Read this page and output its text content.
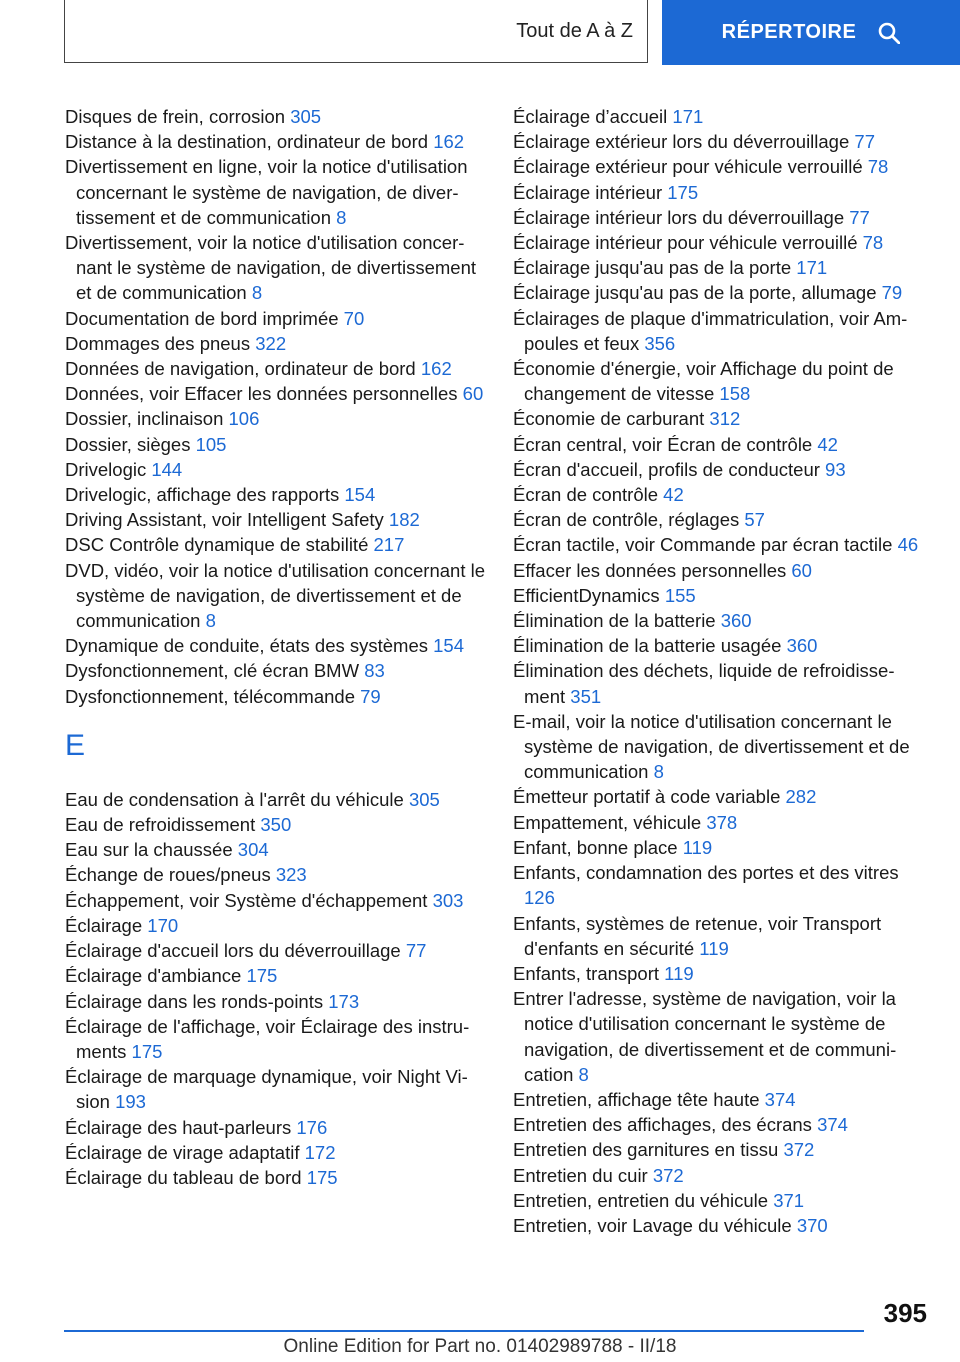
Tout de A à Z	RÉPERTOIRE
Disques de frein, corrosion 305
Distance à la destination, ordinateur de bord 162
Divertissement en ligne, voir la notice d'utilisation concernant le système de navigation, de divertissement et de communication 8
Divertissement, voir la notice d'utilisation concernant le système de navigation, de divertissement et de communication 8
Documentation de bord imprimée 70
Dommages des pneus 322
Données de navigation, ordinateur de bord 162
Données, voir Effacer les données personnelles 60
Dossier, inclinaison 106
Dossier, sièges 105
Drivelogic 144
Drivelogic, affichage des rapports 154
Driving Assistant, voir Intelligent Safety 182
DSC Contrôle dynamique de stabilité 217
DVD, vidéo, voir la notice d'utilisation concernant le système de navigation, de divertissement et de communication 8
Dynamique de conduite, états des systèmes 154
Dysfonctionnement, clé écran BMW 83
Dysfonctionnement, télécommande 79
E
Eau de condensation à l'arrêt du véhicule 305
Eau de refroidissement 350
Eau sur la chaussée 304
Échange de roues/pneus 323
Échappement, voir Système d'échappement 303
Éclairage 170
Éclairage d'accueil lors du déverrouillage 77
Éclairage d'ambiance 175
Éclairage dans les ronds-points 173
Éclairage de l'affichage, voir Éclairage des instruments 175
Éclairage de marquage dynamique, voir Night Vision 193
Éclairage des haut-parleurs 176
Éclairage de virage adaptatif 172
Éclairage du tableau de bord 175
Éclairage d’accueil 171
Éclairage extérieur lors du déverrouillage 77
Éclairage extérieur pour véhicule verrouillé 78
Éclairage intérieur 175
Éclairage intérieur lors du déverrouillage 77
Éclairage intérieur pour véhicule verrouillé 78
Éclairage jusqu'au pas de la porte 171
Éclairage jusqu'au pas de la porte, allumage 79
Éclairages de plaque d'immatriculation, voir Ampoules et feux 356
Économie d'énergie, voir Affichage du point de changement de vitesse 158
Économie de carburant 312
Écran central, voir Écran de contrôle 42
Écran d'accueil, profils de conducteur 93
Écran de contrôle 42
Écran de contrôle, réglages 57
Écran tactile, voir Commande par écran tactile 46
Effacer les données personnelles 60
EfficientDynamics 155
Élimination de la batterie 360
Élimination de la batterie usagée 360
Élimination des déchets, liquide de refroidissement 351
E-mail, voir la notice d'utilisation concernant le système de navigation, de divertissement et de communication 8
Émetteur portatif à code variable 282
Empattement, véhicule 378
Enfant, bonne place 119
Enfants, condamnation des portes et des vitres 126
Enfants, systèmes de retenue, voir Transport d'enfants en sécurité 119
Enfants, transport 119
Entrer l'adresse, système de navigation, voir la notice d'utilisation concernant le système de navigation, de divertissement et de communication 8
Entretien, affichage tête haute 374
Entretien des affichages, des écrans 374
Entretien des garnitures en tissu 372
Entretien du cuir 372
Entretien, entretien du véhicule 371
Entretien, voir Lavage du véhicule 370
395
Online Edition for Part no. 01402989788 - II/18
